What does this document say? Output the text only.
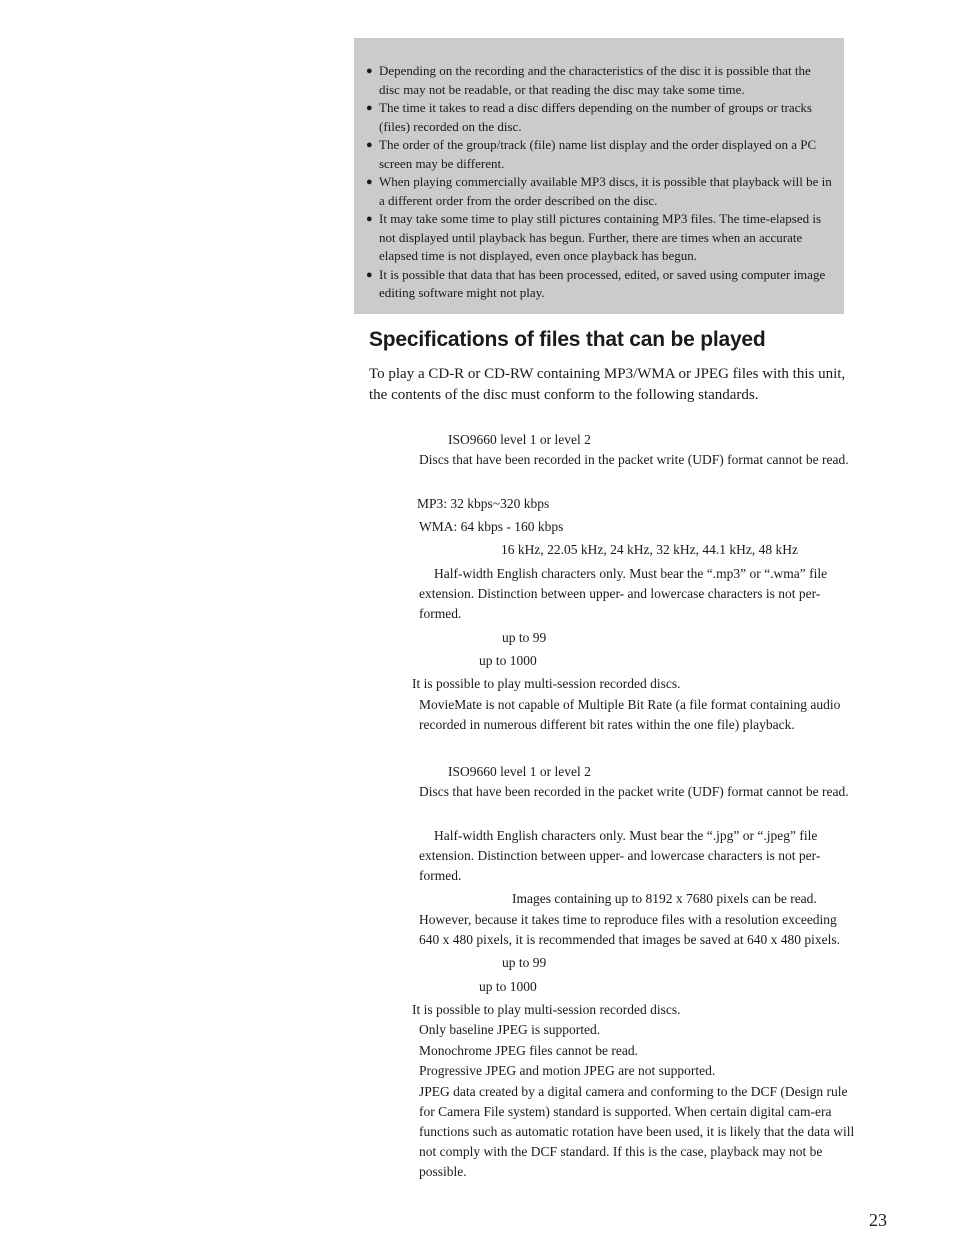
● Depending on the recording and the characteristics of the disc it is possible that the disc may not be readable, or that reading the disc may take some time.
● The time it takes to read a disc differs depending on the number of groups or tracks (files) recorded on the disc.
● The order of the group/track (file) name list display and the order displayed on a PC screen may be different.
● When playing commercially available MP3 discs, it is possible that playback will be in a different order from the order described on the disc.
● It may take some time to play still pictures containing MP3 files. The time-elapsed is not displayed until playback has begun. Further, there are times when an accurate elapsed time is not displayed, even once playback has begun.
● It is possible that data that has been processed, edited, or saved using computer image editing software might not play.
Specifications of files that can be played

To play a CD-R or CD-RW containing MP3/WMA or JPEG files with this unit, the contents of the disc must conform to the following standards.

ISO9660 level 1 or level 2

Discs that have been recorded in the packet write (UDF) format cannot be read.

MP3: 32 kbps~320 kbps

WMA: 64 kbps - 160 kbps

16 kHz, 22.05 kHz, 24 kHz, 32 kHz, 44.1 kHz, 48 kHz

Half-width English characters only. Must bear the “.mp3” or “.wma” file extension. Distinction between upper- and lowercase characters is not per-formed.

up to 99

up to 1000

It is possible to play multi-session recorded discs.

MovieMate is not capable of Multiple Bit Rate (a file format containing audio recorded in numerous different bit rates within the one file) playback.

ISO9660 level 1 or level 2

Discs that have been recorded in the packet write (UDF) format cannot be read.

Half-width English characters only. Must bear the “.jpg” or “.jpeg” file extension. Distinction between upper- and lowercase characters is not per-formed.

Images containing up to 8192 x 7680 pixels can be read.

However, because it takes time to reproduce files with a resolution exceeding 640 x 480 pixels, it is recommended that images be saved at 640 x 480 pixels.

up to 99

up to 1000

It is possible to play multi-session recorded discs.

Only baseline JPEG is supported.

Monochrome JPEG files cannot be read.

Progressive JPEG and motion JPEG are not supported.

JPEG data created by a digital camera and conforming to the DCF (Design rule for Camera File system) standard is supported. When certain digital cam-era functions such as automatic rotation have been used, it is likely that the data will not comply with the DCF standard. If this is the case, playback may not be possible.

23
